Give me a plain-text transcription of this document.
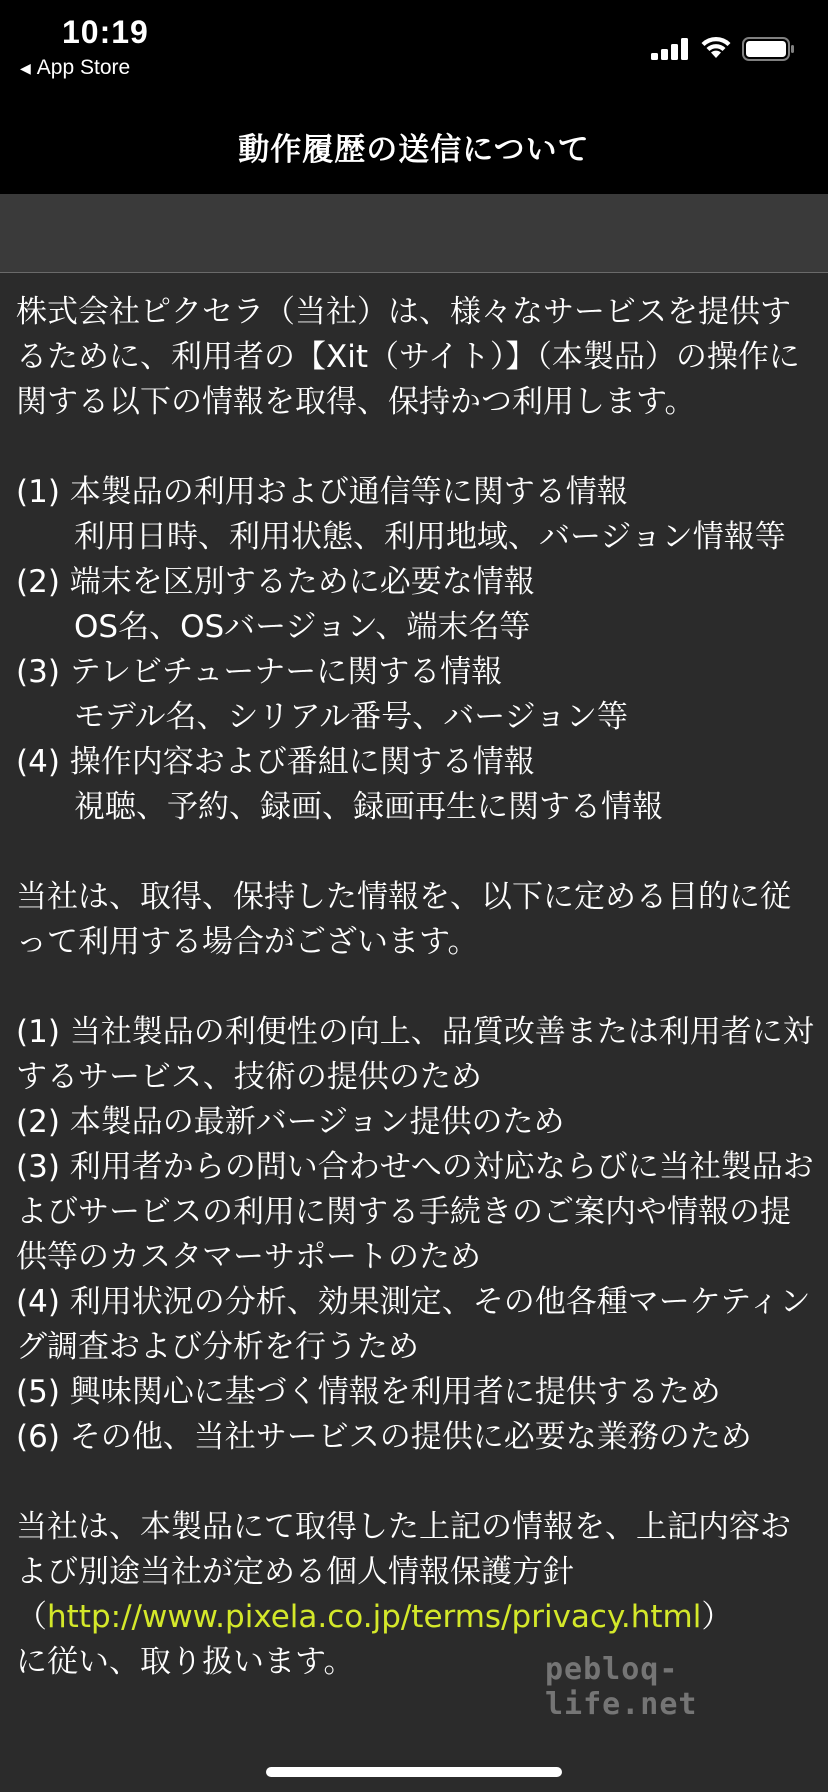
10:19
◀ App Store
動作履歴の送信について

株式会社ピクセラ（当社）は、様々なサービスを提供するために、利用者の【Xit（サイト）】（本製品）の操作に関する以下の情報を取得、保持かつ利用します。

(1) 本製品の利用および通信等に関する情報

利用日時、利用状態、利用地域、バージョン情報等

(2) 端末を区別するために必要な情報

OS名、OSバージョン、端末名等

(3) テレビチューナーに関する情報

モデル名、シリアル番号、バージョン等

(4) 操作内容および番組に関する情報

視聴、予約、録画、録画再生に関する情報

当社は、取得、保持した情報を、以下に定める目的に従って利用する場合がございます。

(1) 当社製品の利便性の向上、品質改善または利用者に対するサービス、技術の提供のため

(2) 本製品の最新バージョン提供のため

(3) 利用者からの問い合わせへの対応ならびに当社製品およびサービスの利用に関する手続きのご案内や情報の提供等のカスタマーサポートのため

(4) 利用状況の分析、効果測定、その他各種マーケティング調査および分析を行うため

(5) 興味関心に基づく情報を利用者に提供するため

(6) その他、当社サービスの提供に必要な業務のため

当社は、本製品にて取得した上記の情報を、上記内容および別途当社が定める個人情報保護方針
（http://www.pixela.co.jp/terms/privacy.html）
に従い、取り扱います。	pebloq-life.net
